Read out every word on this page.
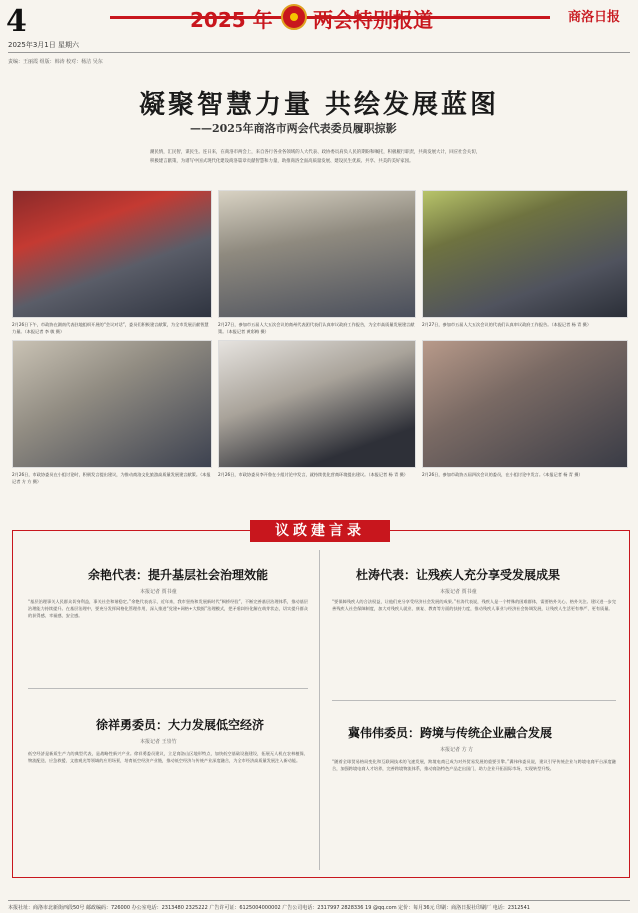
4	2025 年 两会特别报道	商洛日报
2025年3月1日 星期六
责编：王丽霞 组版：韩涛 校对：杨洁 吴东
凝聚智慧力量 共绘发展蓝图
——2025年商洛市两会代表委员履职掠影
潮民情，汇民智，谋民生。连日来，在商洛市两会上，来自各行各业各领域的人大代表、政协委员肩负人民的期盼和嘱托，积极履行职责，共商发展大计，回应社会关切，积极建言献策，为谱写中国式现代化建设商洛篇章贡献智慧和力量，助推商洛全面高质量发展、建设民生优质、共享、共美的美好家园。
2月26日下午，市政协在湖南代表驻地组织开展的“会议对话”，委员们积极建言献策，为全市发展贡献智慧力量。（本报记者 李 敏 摄）
2月27日，参加市五届人大五次会议的商州代表团代表们认真审议政府工作报告，为全市高质量发展建言献策。（本报记者 黄彩梅 摄）
2月27日，参加市五届人大五次会议的代表们认真审议政府工作报告。（本报记者 杨 青 摄）
2月26日，市政协委员在小组讨论时，积极发言提出建议，为推动商洛文化旅游高质量发展建言献策。（本报记者 方 方 摄）
2月26日，市政协委员李开鲁在小组讨论中发言，就持续优化营商环境提出建议。（本报记者 杨 青 摄）	2月26日，参加市政协五届四次会议的委员，在小组讨论中发言。（本报记者 杨 青 摄）
议政建言录
余艳代表：提升基层社会治理效能
本报记者 贾书童
“基层治理事关人民群众切身利益，事关社会和谐稳定。”余艳代表表示，近年来，我市坚持和发展新时代“枫桥经验”，不断完善基层治理体系，推动基层治理能力持续提升。在基层治理中，要充分发挥网格化管理作用，深入推进“党建+网格+大数据”治理模式，把矛盾纠纷化解在萌芽状态，切实提升群众的获得感、幸福感、安全感。
杜涛代表：让残疾人充分享受发展成果
本报记者 贾书童
“要保障残疾人的合法权益，让他们充分享受经济社会发展的成果。”杜涛代表说，残疾人是一个特殊的困难群体，需要格外关心、格外关注。建议进一步完善残疾人社会保障制度，加大对残疾人就业、康复、教育等方面的扶持力度，推动残疾人事业与经济社会协调发展，让残疾人生活更有尊严、更有质量。
徐祥勇委员：大力发展低空经济
本报记者 王崇竹
低空经济是新质生产力的典型代表，是战略性新兴产业。徐祥勇委员建议，立足商洛山区地形特点，加快低空基础设施建设，拓展无人机在农林植保、物流配送、应急救援、文旅观光等领域的应用场景，培育低空经济产业链，推动低空经济与传统产业深度融合，为全市经济高质量发展注入新动能。
冀伟伟委员：跨境与传统企业融合发展
本报记者 方 方
“随着全球贸易格局变化和互联网技术的飞速发展，跨境电商已成为对外贸易发展的重要引擎。”冀伟伟委员说，建议引导传统企业与跨境电商平台深度融合，加强跨境电商人才培养，完善跨境物流体系，推动商洛特色产品走出国门，助力企业开拓国际市场，实现转型升级。
本报社址：商洛市北新街西段50号 邮政编码：726000 办公室电话：2313480 2325222 广告许可证：6125004000002 广告公司电话：2317997 2828336 19 @qq.com 定价：每月36元 印刷：商洛日报社印刷厂 电话：2312541
